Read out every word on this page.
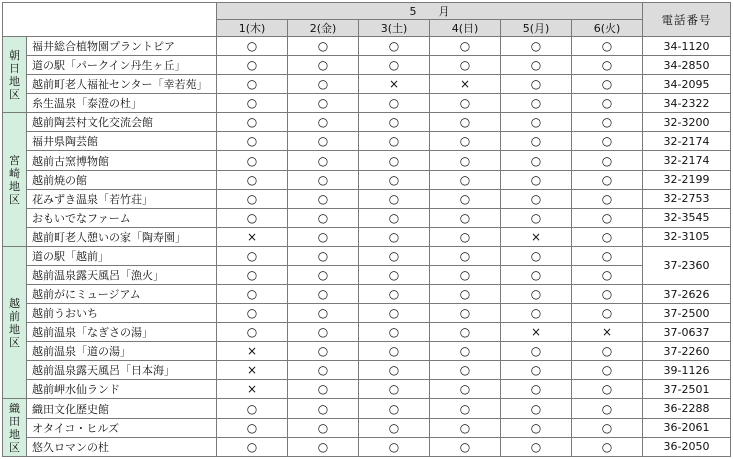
		5　　月						電話番号
		1(木)	2(金)	3(土)	4(日)	5(月)	6(火)	
朝日地区	福井総合植物園プラントピア	○	○	○	○	○	○	34-1120
	道の駅「パークイン丹生ヶ丘」	○	○	○	○	○	○	34-2850
	越前町老人福祉センター「幸若苑」	○	○	×	×	○	○	34-2095
	糸生温泉「泰澄の杜」	○	○	○	○	○	○	34-2322
宮崎地区	越前陶芸村文化交流会館	○	○	○	○	○	○	32-3200
	福井県陶芸館	○	○	○	○	○	○	32-2174
	越前古窯博物館	○	○	○	○	○	○	32-2174
	越前焼の館	○	○	○	○	○	○	32-2199
	花みずき温泉「若竹荘」	○	○	○	○	○	○	32-2753
	おもいでなファーム	○	○	○	○	○	○	32-3545
	越前町老人憩いの家「陶寿園」	×	○	○	○	×	○	32-3105
越前地区	道の駅「越前」	○	○	○	○	○	○	37-2360
	越前温泉露天風呂「漁火」	○	○	○	○	○	○	
	越前がにミュージアム	○	○	○	○	○	○	37-2626
	越前うおいち	○	○	○	○	○	○	37-2500
	越前温泉「なぎさの湯」	○	○	○	○	×	×	37-0637
	越前温泉「道の湯」	×	○	○	○	○	○	37-2260
	越前温泉露天風呂「日本海」	×	○	○	○	○	○	39-1126
	越前岬水仙ランド	×	○	○	○	○	○	37-2501
織田地区	織田文化歴史館	○	○	○	○	○	○	36-2288
	オタイコ・ヒルズ	○	○	○	○	○	○	36-2061
	悠久ロマンの杜	○	○	○	○	○	○	36-2050
